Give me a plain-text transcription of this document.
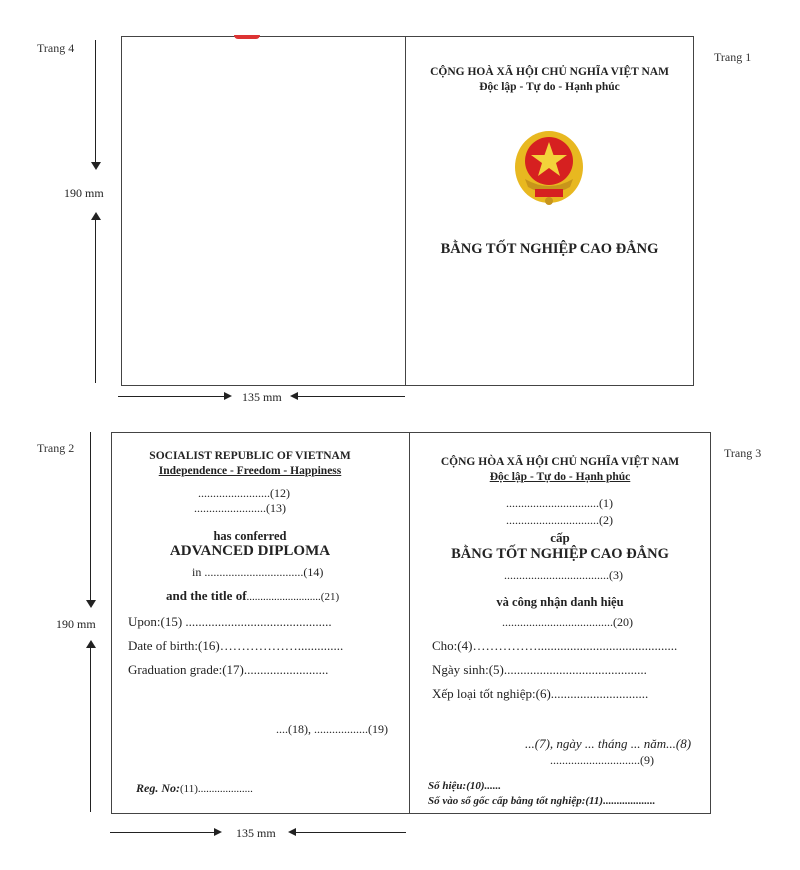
Trang 4
Trang 1
190 mm
CỘNG HOÀ XÃ HỘI CHỦ NGHĨA VIỆT NAM
Độc lập - Tự do - Hạnh phúc
BẰNG TỐT NGHIỆP CAO ĐẲNG
135 mm
Trang 2	Trang 3
190 mm
SOCIALIST REPUBLIC OF VIETNAM
Independence - Freedom - Happiness
........................(12)
........................(13)
has conferred
ADVANCED DIPLOMA
in .................................(14)
and the title of...........................(21)
Upon:(15) .............................................
Date of birth:(16)………………..............
Graduation grade:(17)..........................
....(18), ..................(19)
Reg. No:(11)....................
CỘNG HÒA XÃ HỘI CHỦ NGHĨA VIỆT NAM
Độc lập - Tự do - Hạnh phúc
...............................(1)
...............................(2)
cấp
BẰNG TỐT NGHIỆP CAO ĐẲNG
...................................(3)
và công nhận danh hiệu
.....................................(20)
Cho:(4)……………...........................................
Ngày sinh:(5)............................................
Xếp loại tốt nghiệp:(6)..............................
...(7), ngày ... tháng ... năm...(8)
..............................(9)
Số hiệu:(10)......
Số vào sổ gốc cấp bằng tốt nghiệp:(11)...................
135 mm
